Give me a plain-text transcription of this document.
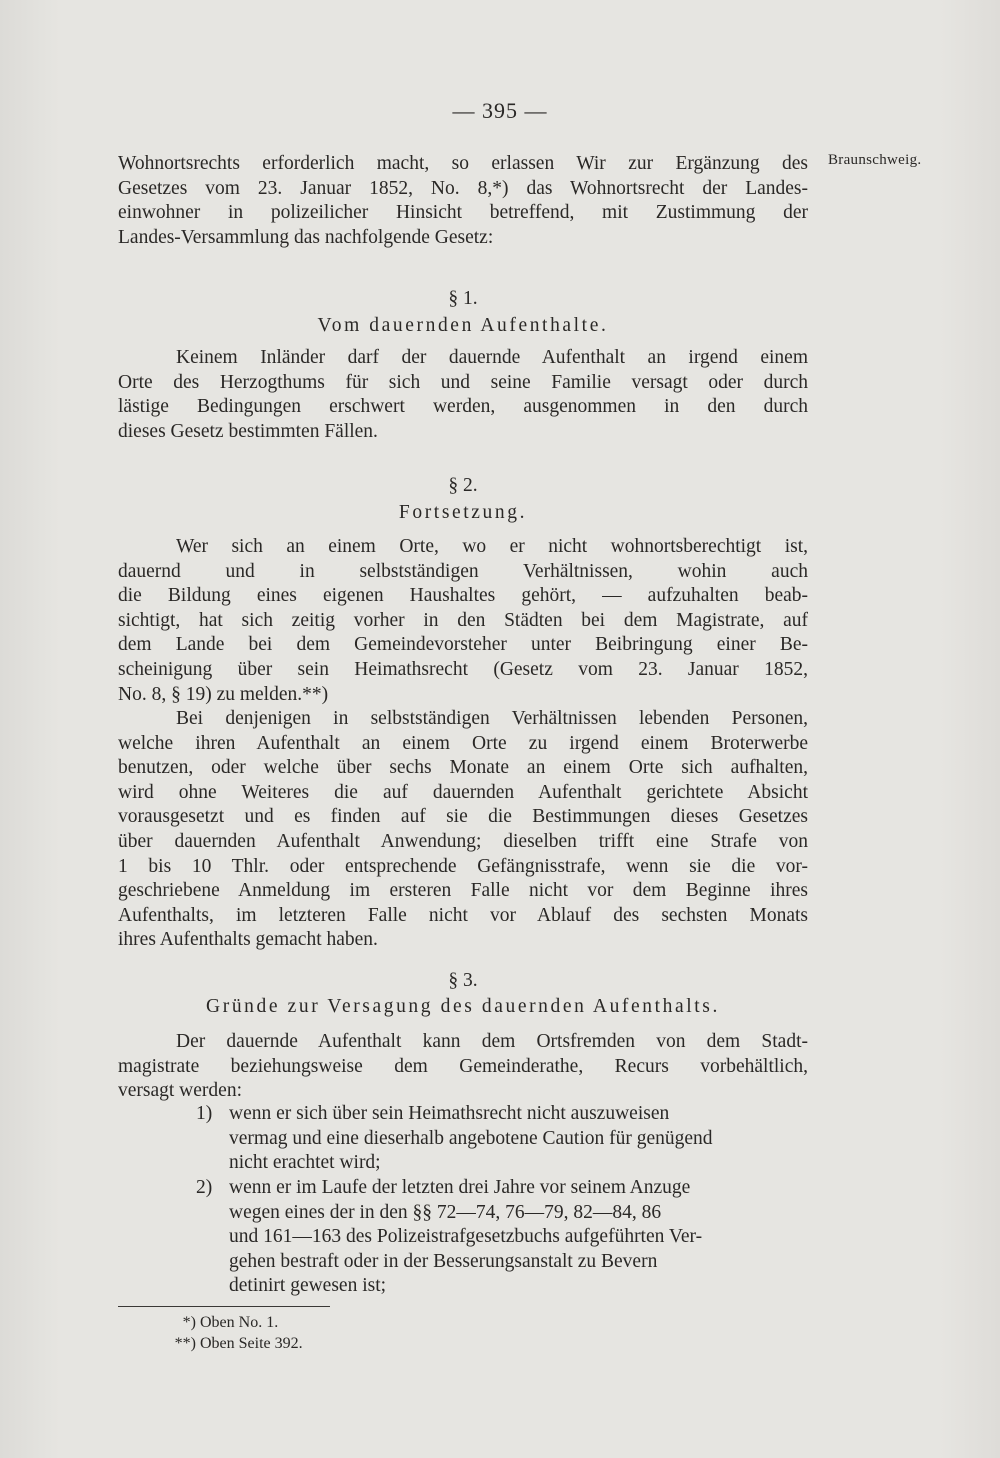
— 395 —
Braunschweig.
Wohnortsrechts erforderlich macht, so erlassen Wir zur Ergänzung des
Gesetzes vom 23. Januar 1852, No. 8,*) das Wohnortsrecht der Landes-
einwohner in polizeilicher Hinsicht betreffend, mit Zustimmung der
Landes-Versammlung das nachfolgende Gesetz:
§ 1.
Vom dauernden Aufenthalte.
Keinem Inländer darf der dauernde Aufenthalt an irgend einem
Orte des Herzogthums für sich und seine Familie versagt oder durch
lästige Bedingungen erschwert werden, ausgenommen in den durch
dieses Gesetz bestimmten Fällen.
§ 2.
Fortsetzung.
Wer sich an einem Orte, wo er nicht wohnortsberechtigt ist,
dauernd und in selbstständigen Verhältnissen, wohin auch
die Bildung eines eigenen Haushaltes gehört, — aufzuhalten beab-
sichtigt, hat sich zeitig vorher in den Städten bei dem Magistrate, auf
dem Lande bei dem Gemeindevorsteher unter Beibringung einer Be-
scheinigung über sein Heimathsrecht (Gesetz vom 23. Januar 1852,
No. 8, § 19) zu melden.**)
Bei denjenigen in selbstständigen Verhältnissen lebenden Personen,
welche ihren Aufenthalt an einem Orte zu irgend einem Broterwerbe
benutzen, oder welche über sechs Monate an einem Orte sich aufhalten,
wird ohne Weiteres die auf dauernden Aufenthalt gerichtete Absicht
vorausgesetzt und es finden auf sie die Bestimmungen dieses Gesetzes
über dauernden Aufenthalt Anwendung; dieselben trifft eine Strafe von
1 bis 10 Thlr. oder entsprechende Gefängnisstrafe, wenn sie die vor-
geschriebene Anmeldung im ersteren Falle nicht vor dem Beginne ihres
Aufenthalts, im letzteren Falle nicht vor Ablauf des sechsten Monats
ihres Aufenthalts gemacht haben.
§ 3.
Gründe zur Versagung des dauernden Aufenthalts.
Der dauernde Aufenthalt kann dem Ortsfremden von dem Stadt-
magistrate beziehungsweise dem Gemeinderathe, Recurs vorbehältlich,
versagt werden:
1) wenn er sich über sein Heimathsrecht nicht auszuweisen
vermag und eine dieserhalb angebotene Caution für genügend
nicht erachtet wird;
2) wenn er im Laufe der letzten drei Jahre vor seinem Anzuge
wegen eines der in den §§ 72—74, 76—79, 82—84, 86
und 161—163 des Polizeistrafgesetzbuchs aufgeführten Ver-
gehen bestraft oder in der Besserungsanstalt zu Bevern
detinirt gewesen ist;
*) Oben No. 1.
**) Oben Seite 392.
